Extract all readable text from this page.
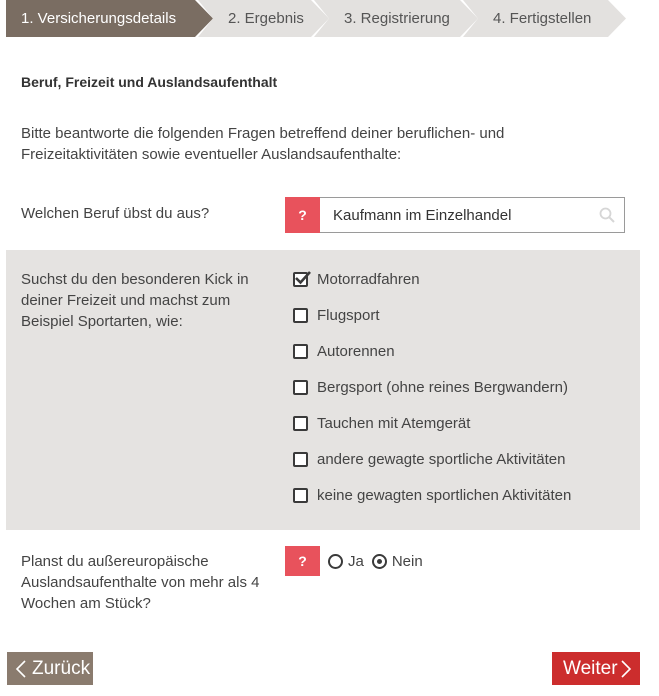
1. Versicherungsdetails	2. Ergebnis	3. Registrierung	4. Fertigstellen
Beruf, Freizeit und Auslandsaufenthalt
Bitte beantworte die folgenden Fragen betreffend deiner beruflichen- und Freizeitaktivitäten sowie eventueller Auslandsaufenthalte:
Welchen Beruf übst du aus?	?
Kaufmann im Einzelhandel
Suchst du den besonderen Kick in deiner Freizeit und machst zum Beispiel Sportarten, wie:
Motorradfahren
Flugsport
Autorennen
Bergsport (ohne reines Bergwandern)
Tauchen mit Atemgerät
andere gewagte sportliche Aktivitäten
keine gewagten sportlichen Aktivitäten
Planst du außereuropäische Auslandsaufenthalte von mehr als 4 Wochen am Stück?
?	Ja Nein
Zurück	Weiter
